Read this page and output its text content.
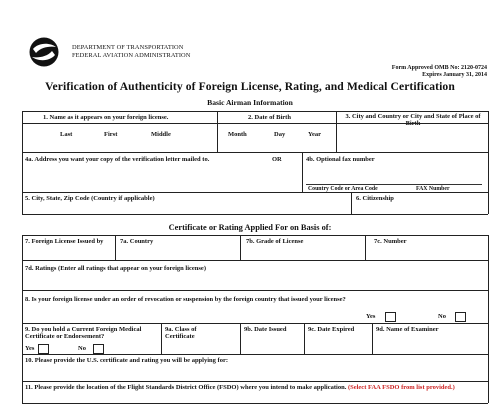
DEPARTMENT OF TRANSPORTATION
FEDERAL AVIATION ADMINISTRATION
Form Approved OMB No: 2120-0724
Expires January 31, 2014
Verification of Authenticity of Foreign License, Rating, and Medical Certification
Basic Airman Information
1. Name as it appears on your foreign license.	2. Date of Birth	3. City and Country or City and State of Place of Birth
Last	First	Middle	Month	Day	Year
4a. Address you want your copy of the verification letter mailed to.	OR	4b. Optional fax number
Country Code or Area Code	FAX Number
5. City, State, Zip Code (Country if applicable)	6. Citizenship
Certificate or Rating Applied For on Basis of:
7. Foreign License Issued by	7a. Country	7b. Grade of License	7c. Number
7d. Ratings (Enter all ratings that appear on your foreign license)
8. Is your foreign license under an order of revocation or suspension by the foreign country that issued your license?
Yes	No
9. Do you hold a Current Foreign Medical Certificate or Endorsement?
Yes	No
9a. Class of Certificate
9b. Date Issued	9c. Date Expired	9d. Name of Examiner
10. Please provide the U.S. certificate and rating you will be applying for:
11. Please provide the location of the Flight Standards District Office (FSDO) where you intend to make application. (Select FAA FSDO from list provided.)
